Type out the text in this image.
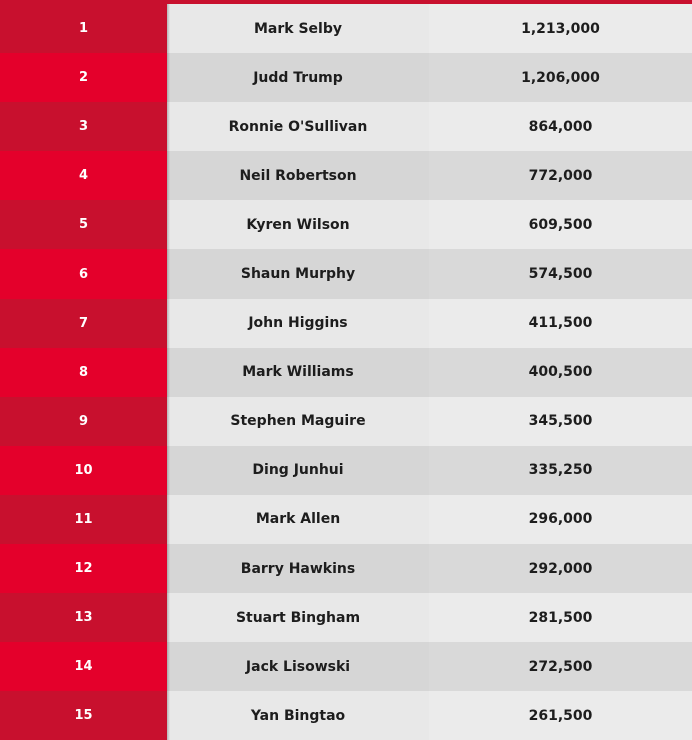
1	Mark Selby	1,213,000
2	Judd Trump	1,206,000
3	Ronnie O'Sullivan	864,000
4	Neil Robertson	772,000
5	Kyren Wilson	609,500
6	Shaun Murphy	574,500
7	John Higgins	411,500
8	Mark Williams	400,500
9	Stephen Maguire	345,500
10	Ding Junhui	335,250
11	Mark Allen	296,000
12	Barry Hawkins	292,000
13	Stuart Bingham	281,500
14	Jack Lisowski	272,500
15	Yan Bingtao	261,500
